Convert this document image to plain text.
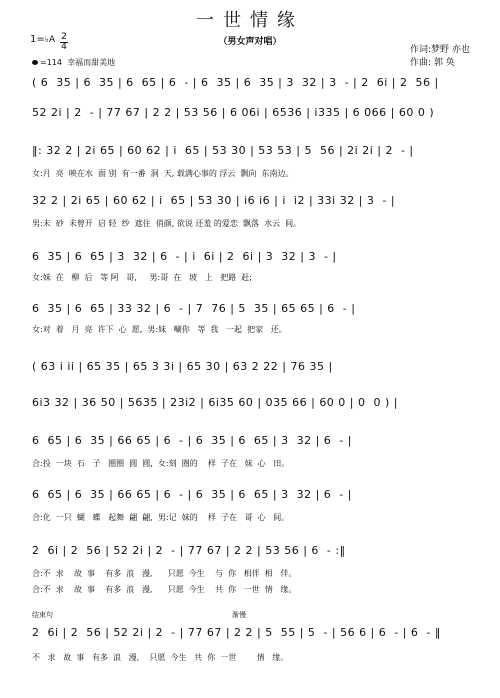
一世情缘
（男女声对唱）
1=♭A 2
4
=114 幸福而甜美地
作词:梦野 亦也
作曲: 郭 奂
( 6  35 | 6  35 | 6  65 | 6  - | 6  35 | 6  35 | 3  32 | 3  - | 2  6i | 2  56 |
52 2i | 2  - | 77 67 | 2 2 | 53 56 | 6 06i | 6536 | i335 | 6 066 | 60 0 )
‖: 32 2 | 2i 65 | 60 62 | i  65 | 53 30 | 53 53 | 5  56 | 2i 2i | 2  - |
女:月  亮  映在水  面 别  有一番  洞  天, 载满心事的 浮云  飘向  东南边。
32 2 | 2i 65 | 60 62 | i  65 | 53 30 | i6 i6 | i  i2 | 33i 32 | 3  - |
男:未  砂  未曾开  启 轻  纱  遮住  俏颜, 欲说 还羞 的爱恋  飘落  水云  间。
6  35 | 6  65 | 3  32 | 6  - | i  6i | 2  6i | 3  32 | 3  - |
女:妹  在   柳  后   等 阿   哥,     男:哥  在   坡   上   把路  赶;
6  35 | 6  65 | 33 32 | 6  - | 7  76 | 5  35 | 65 65 | 6  - |
女:对  着   月  亮  许下  心  愿,  男:妹   唰你   等  我   一起  把家   还。
( 63 i ii | 65 35 | 65 3 3i | 65 30 | 63 2 22 | 76 35 |
6i3 32 | 36 50 | 5635 | 23i2 | 6i35 60 | 035 66 | 60 0 | 0  0 ) |
6  65 | 6  35 | 66 65 | 6  - | 6  35 | 6  65 | 3  32 | 6  - |
合:投  一块  石   子   圈圈  圆  圆,  女:刻  圈的    样  子在   妹  心   田。
6  65 | 6  35 | 66 65 | 6  - | 6  35 | 6  65 | 3  32 | 6  - |
合:化  一只  蝴   蝶   起舞  翩  翩,  男:记  妹的    样  子在   哥  心   间。
2  6i | 2  56 | 52 2i | 2  - | 77 67 | 2 2 | 53 56 | 6  - :‖
合:不  求    故  事    有多  浪   漫,      只愿  今生    与  你   相伴  相   伴。
合:不  求    故  事    有多  浪   漫,      只愿  今生    共  你   一世  情   缘。
结束句	渐慢
2  6i | 2  56 | 52 2i | 2  - | 77 67 | 2 2 | 5  55 | 5  - | 56 6 | 6  - | 6  - ‖
不   求   故  事   有多  浪   漫,    只愿  今生   共  你  一世        情   缘。
